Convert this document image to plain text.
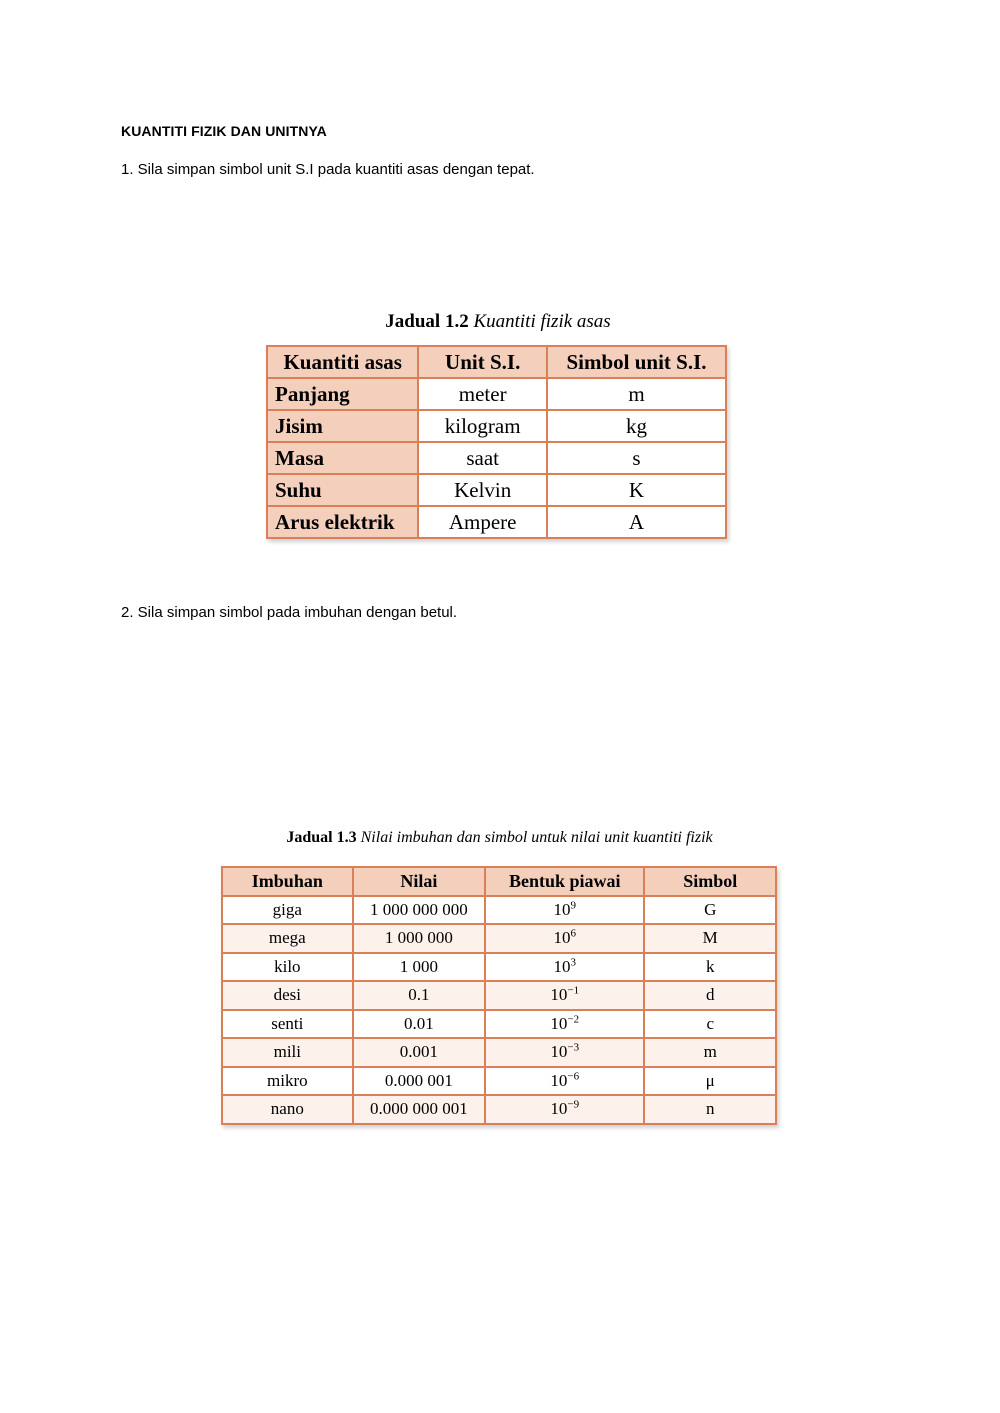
KUANTITI FIZIK DAN UNITNYA
1. Sila simpan simbol unit S.I pada kuantiti asas dengan tepat.
Jadual 1.2 Kuantiti fizik asas
Kuantiti asas	Unit S.I.	Simbol unit S.I.
Panjang	meter	m
Jisim	kilogram	kg
Masa	saat	s
Suhu	Kelvin	K
Arus elektrik	Ampere	A
2. Sila simpan simbol pada imbuhan dengan betul.
Jadual 1.3 Nilai imbuhan dan simbol untuk nilai unit kuantiti fizik
Imbuhan	Nilai	Bentuk piawai	Simbol
giga	1 000 000 000	$10^9$	G
mega	1 000 000	$10^6$	M
kilo	1 000	$10^3$	k
desi	0.1	$10^{-1}$	d
senti	0.01	$10^{-2}$	c
mili	0.001	$10^{-3}$	m
mikro	0.000 001	$10^{-6}$	μ
nano	0.000 000 001	$10^{-9}$	n
